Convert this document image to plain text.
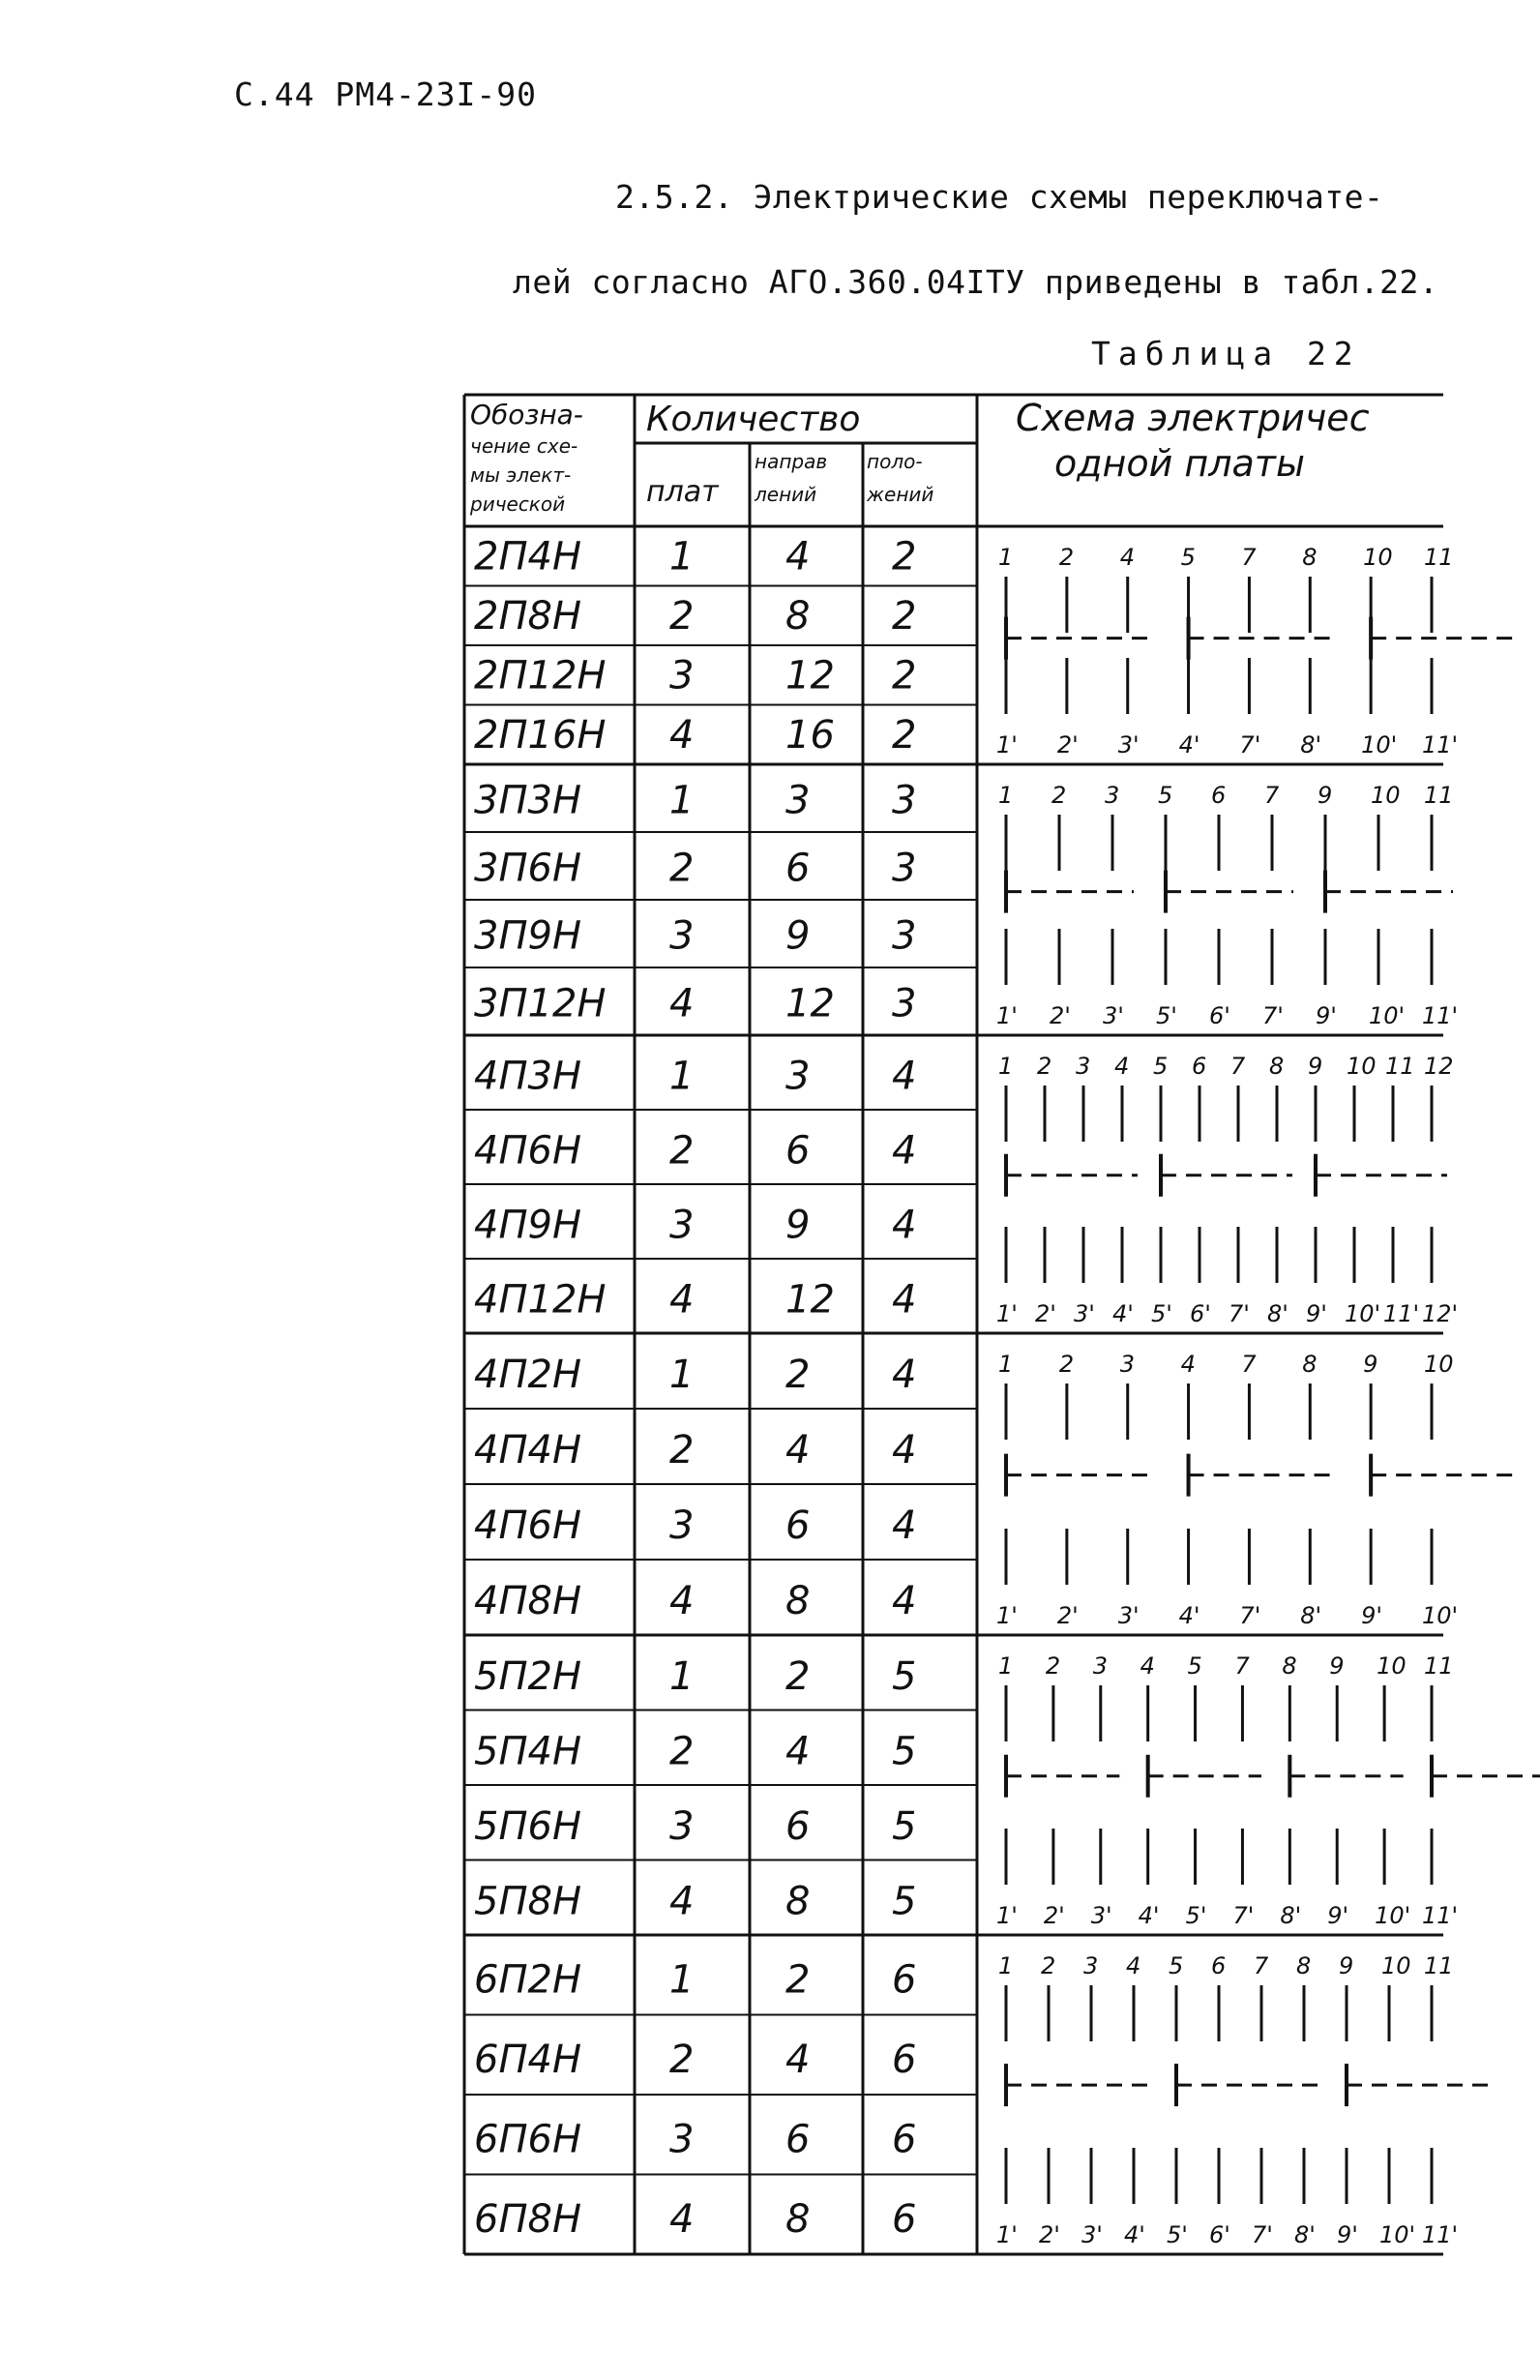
С.44 РМ4-23I-90
2.5.2. Электрические схемы переключате-
лей согласно АГО.360.04ITУ приведены в табл.22.
Таблица 22
Обозна-
чение схе-
мы элект-
рической
Количество
плат
направ
лений
поло-
жений
Схема электричес
одной платы
2П4Н 1 4 2
2П8Н 2 8 2
2П12Н 3 12 2
2П16Н 4 16 2
1 2 4 5 7 8 10 11
1' 2' 3' 4' 7' 8' 10' 11'
3П3Н 1 3 3
3П6Н 2 6 3
3П9Н 3 9 3
3П12Н 4 12 3
1 2 3 5 6 7 9 10 11
1' 2' 3' 5' 6' 7' 9' 10' 11'
4П3Н 1 3 4
4П6Н 2 6 4
4П9Н 3 9 4
4П12Н 4 12 4
1 2 3 4 5 6 7 8 9 10 11 12
1' 2' 3' 4' 5' 6' 7' 8' 9' 10' 11' 12'
4П2Н 1 2 4
4П4Н 2 4 4
4П6Н 3 6 4
4П8Н 4 8 4
1 2 3 4 7 8 9 10
1' 2' 3' 4' 7' 8' 9' 10'
5П2Н 1 2 5
5П4Н 2 4 5
5П6Н 3 6 5
5П8Н 4 8 5
1 2 3 4 5 7 8 9 10 11
1' 2' 3' 4' 5' 7' 8' 9' 10' 11'
6П2Н 1 2 6
6П4Н 2 4 6
6П6Н 3 6 6
6П8Н 4 8 6
1 2 3 4 5 6 7 8 9 10 11
1' 2' 3' 4' 5' 6' 7' 8' 9' 10' 11'
